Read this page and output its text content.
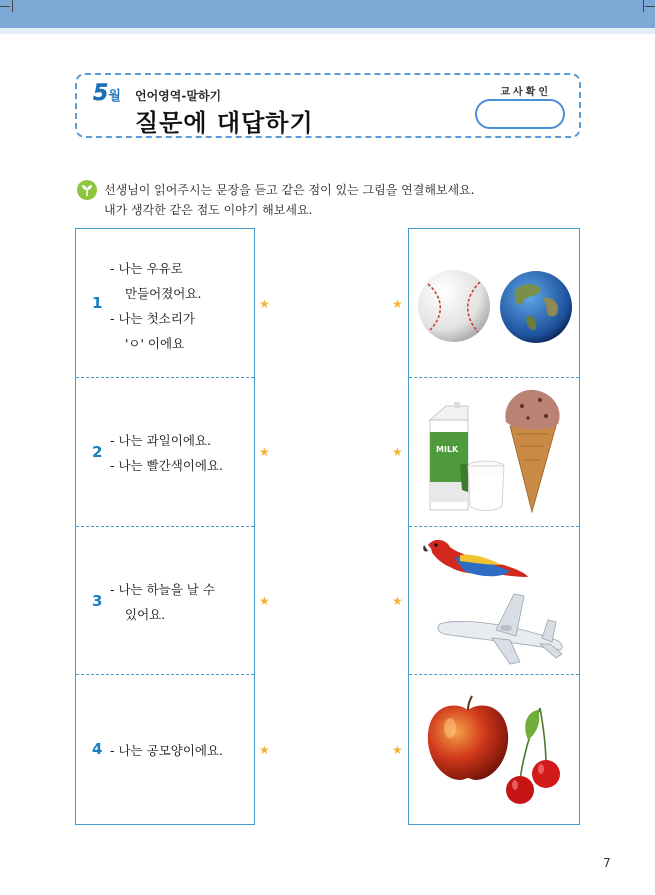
5월 언어영역-말하기
질문에 대답하기
교사확인
선생님이 읽어주시는 문장을 듣고 같은 점이 있는 그림을 연결해보세요.
내가 생각한 같은 점도 이야기 해보세요.
1
- 나는 우유로
만들어졌어요.
- 나는 첫소리가
'ㅇ' 이에요
2
- 나는 과일이에요.
- 나는 빨간색이에요.
3
- 나는 하늘을 날 수
있어요.
4 - 나는 공모양이에요.
★
★
★
★
★
★
★
★
MILK
7
